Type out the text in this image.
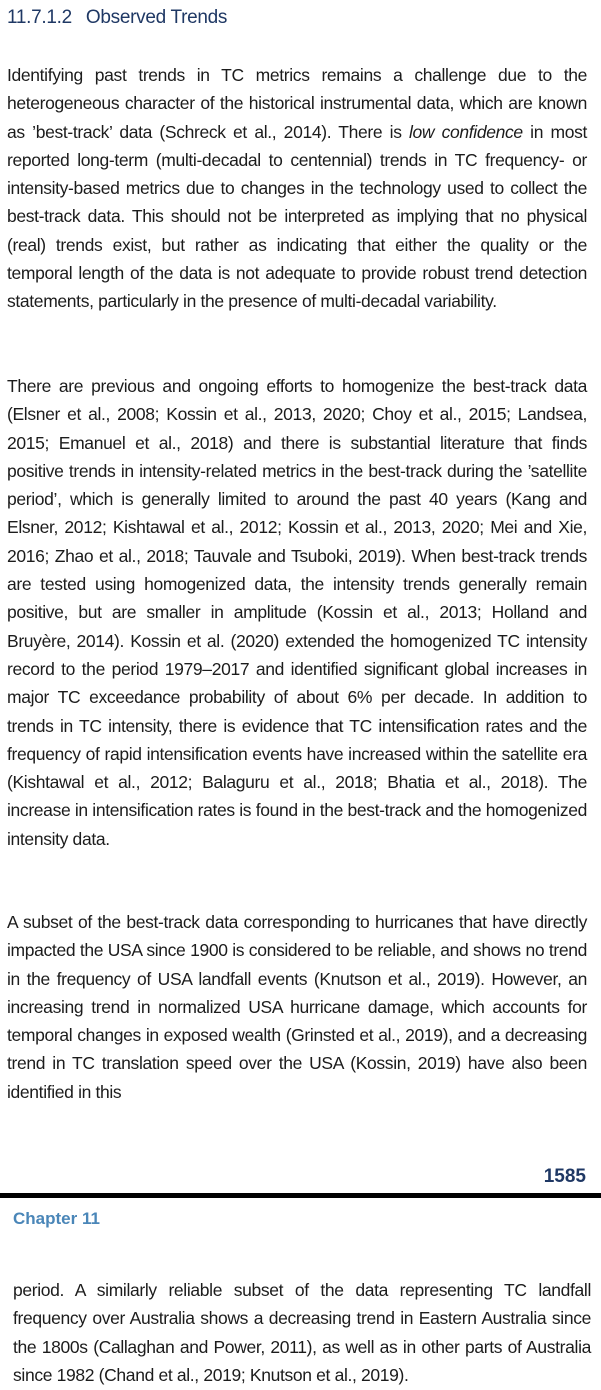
11.7.1.2 Observed Trends

Identifying past trends in TC metrics remains a challenge due to the heterogeneous character of the historical instrumental data, which are known as ’best-track’ data (Schreck et al., 2014). There is low confidence in most reported long-term (multi-decadal to centennial) trends in TC frequency- or intensity-based metrics due to changes in the technology used to collect the best-track data. This should not be interpreted as implying that no physical (real) trends exist, but rather as indicating that either the quality or the temporal length of the data is not adequate to provide robust trend detection statements, particularly in the presence of multi-decadal variability.

There are previous and ongoing efforts to homogenize the best-track data (Elsner et al., 2008; Kossin et al., 2013, 2020; Choy et al., 2015; Landsea, 2015; Emanuel et al., 2018) and there is substantial literature that finds positive trends in intensity-related metrics in the best-track during the ’satellite period’, which is generally limited to around the past 40 years (Kang and Elsner, 2012; Kishtawal et al., 2012; Kossin et al., 2013, 2020; Mei and Xie, 2016; Zhao et al., 2018; Tauvale and Tsuboki, 2019). When best-track trends are tested using homogenized data, the intensity trends generally remain positive, but are smaller in amplitude (Kossin et al., 2013; Holland and Bruyère, 2014). Kossin et al. (2020) extended the homogenized TC intensity record to the period 1979–2017 and identified significant global increases in major TC exceedance probability of about 6% per decade. In addition to trends in TC intensity, there is evidence that TC intensification rates and the frequency of rapid intensification events have increased within the satellite era (Kishtawal et al., 2012; Balaguru et al., 2018; Bhatia et al., 2018). The increase in intensification rates is found in the best-track and the homogenized intensity data.

A subset of the best-track data corresponding to hurricanes that have directly impacted the USA since 1900 is considered to be reliable, and shows no trend in the frequency of USA landfall events (Knutson et al., 2019). However, an increasing trend in normalized USA hurricane damage, which accounts for temporal changes in exposed wealth (Grinsted et al., 2019), and a decreasing trend in TC translation speed over the USA (Kossin, 2019) have also been identified in this

1585
Chapter 11

period. A similarly reliable subset of the data representing TC landfall frequency over Australia shows a decreasing trend in Eastern Australia since the 1800s (Callaghan and Power, 2011), as well as in other parts of Australia since 1982 (Chand et al., 2019; Knutson et al., 2019).
